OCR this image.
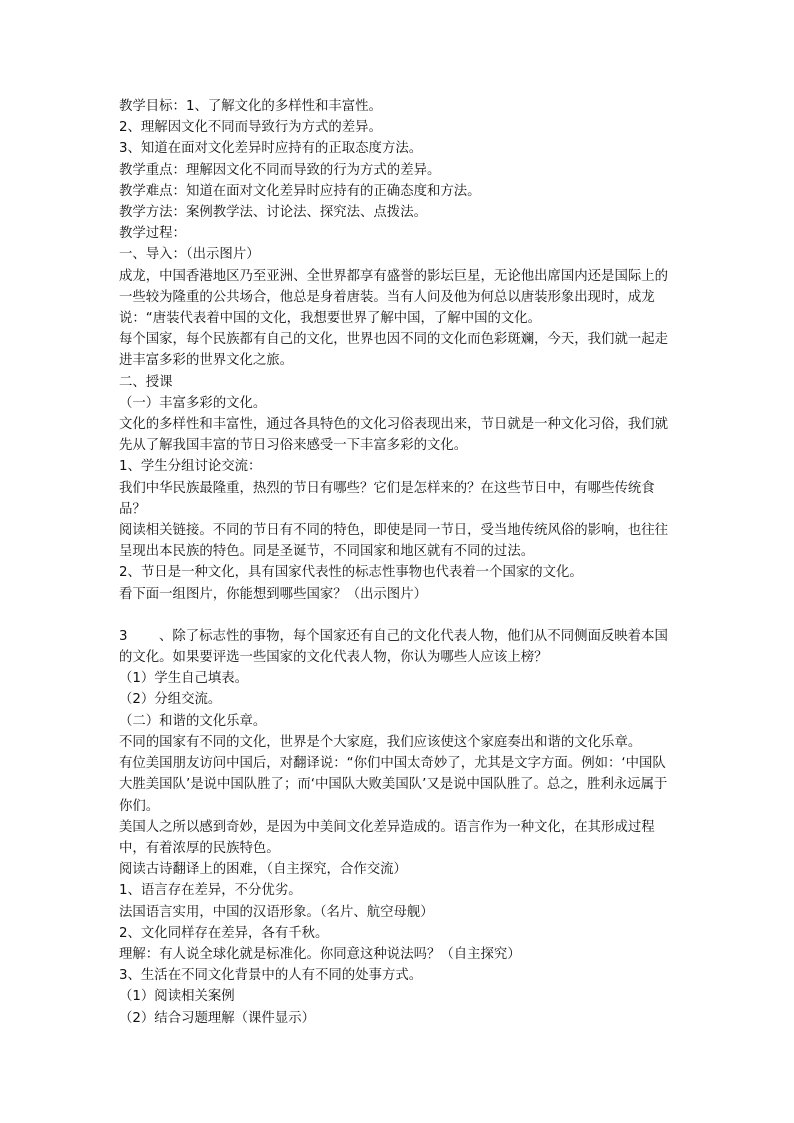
教学目标：1、了解文化的多样性和丰富性。

2、理解因文化不同而导致行为方式的差异。

3、知道在面对文化差异时应持有的正取态度方法。

教学重点：理解因文化不同而导致的行为方式的差异。

教学难点：知道在面对文化差异时应持有的正确态度和方法。

教学方法：案例教学法、讨论法、探究法、点拨法。

教学过程：

一、导入：（出示图片）

成龙，中国香港地区乃至亚洲、全世界都享有盛誉的影坛巨星，无论他出席国内还是国际上的一些较为隆重的公共场合，他总是身着唐装。当有人问及他为何总以唐装形象出现时，成龙说：“唐装代表着中国的文化，我想要世界了解中国，了解中国的文化。

每个国家，每个民族都有自己的文化，世界也因不同的文化而色彩斑斓，今天，我们就一起走进丰富多彩的世界文化之旅。

二、授课

（一）丰富多彩的文化。

文化的多样性和丰富性，通过各具特色的文化习俗表现出来，节日就是一种文化习俗，我们就先从了解我国丰富的节日习俗来感受一下丰富多彩的文化。

1、学生分组讨论交流：

我们中华民族最隆重，热烈的节日有哪些？它们是怎样来的？在这些节日中，有哪些传统食品？

阅读相关链接。不同的节日有不同的特色，即使是同一节日，受当地传统风俗的影响，也往往呈现出本民族的特色。同是圣诞节，不同国家和地区就有不同的过法。

2、节日是一种文化，具有国家代表性的标志性事物也代表着一个国家的文化。

看下面一组图片，你能想到哪些国家？（出示图片）

3 、除了标志性的事物，每个国家还有自己的文化代表人物，他们从不同侧面反映着本国的文化。如果要评选一些国家的文化代表人物，你认为哪些人应该上榜？

（1）学生自己填表。

（2）分组交流。

（二）和谐的文化乐章。

不同的国家有不同的文化，世界是个大家庭，我们应该使这个家庭奏出和谐的文化乐章。

有位美国朋友访问中国后，对翻译说：“你们中国太奇妙了，尤其是文字方面。例如：‘中国队大胜美国队’是说中国队胜了；而‘中国队大败美国队’又是说中国队胜了。总之，胜利永远属于你们。

美国人之所以感到奇妙，是因为中美间文化差异造成的。语言作为一种文化，在其形成过程中，有着浓厚的民族特色。

阅读古诗翻译上的困难，（自主探究，合作交流）

1、语言存在差异，不分优劣。

法国语言实用，中国的汉语形象。（名片、航空母舰）

2、文化同样存在差异，各有千秋。

理解：有人说全球化就是标准化。你同意这种说法吗？（自主探究）

3、生活在不同文化背景中的人有不同的处事方式。

（1）阅读相关案例

（2）结合习题理解（课件显示）
